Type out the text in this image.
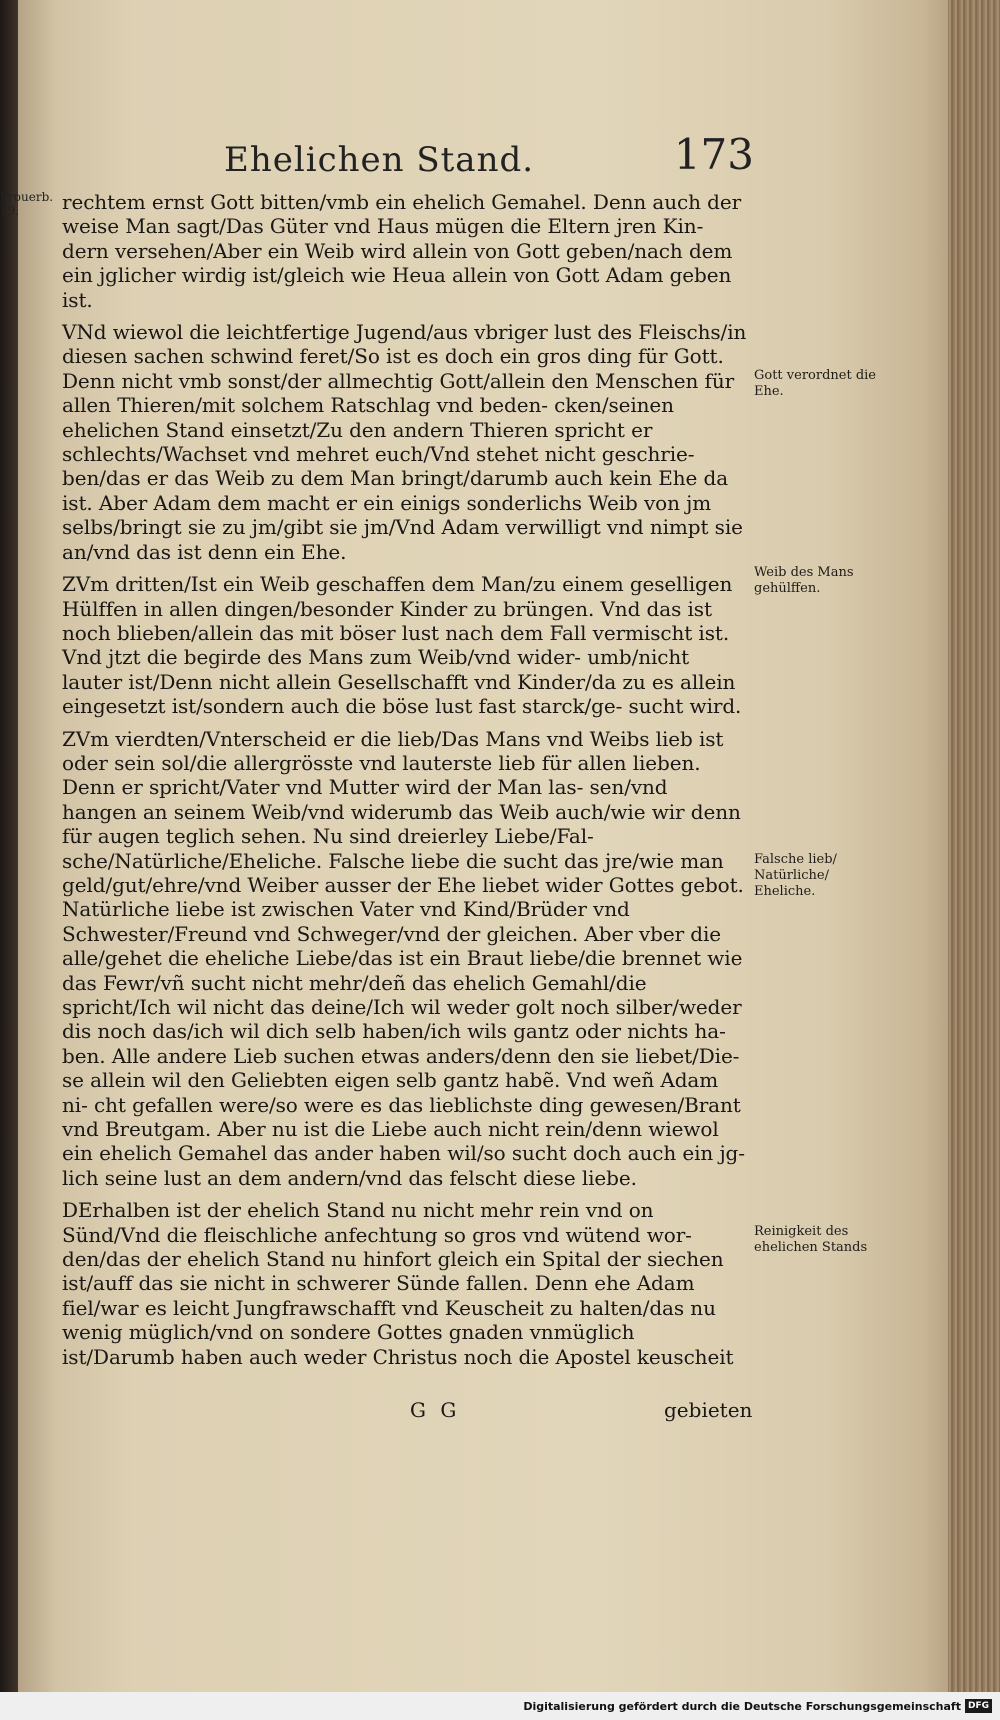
Ehelichen Stand.	173
Prouerb. 19.	rechtem ernst Gott bitten/vmb ein ehelich Gemahel. Denn auch der weise Man sagt/Das Güter vnd Haus mügen die Eltern jren Kin- dern versehen/Aber ein Weib wird allein von Gott geben/nach dem ein jglicher wirdig ist/gleich wie Heua allein von Gott Adam geben ist.

VNd wiewol die leichtfertige Jugend/aus vbriger lust des Fleischs/in diesen sachen schwind feret/So ist es doch ein gros ding für Gott. Denn nicht vmb sonst/der allmechtig Gott/allein den Menschen für allen Thieren/mit solchem Ratschlag vnd beden- cken/seinen ehelichen Stand einsetzt/Zu den andern Thieren spricht er schlechts/Wachset vnd mehret euch/Vnd stehet nicht geschrie- ben/das er das Weib zu dem Man bringt/darumb auch kein Ehe da ist. Aber Adam dem macht er ein einigs sonderlichs Weib von jm selbs/bringt sie zu jm/gibt sie jm/Vnd Adam verwilligt vnd nimpt sie an/vnd das ist denn ein Ehe.

ZVm dritten/Ist ein Weib geschaffen dem Man/zu einem geselligen Hülffen in allen dingen/besonder Kinder zu brüngen. Vnd das ist noch blieben/allein das mit böser lust nach dem Fall vermischt ist. Vnd jtzt die begirde des Mans zum Weib/vnd wider- umb/nicht lauter ist/Denn nicht allein Gesellschafft vnd Kinder/da zu es allein eingesetzt ist/sondern auch die böse lust fast starck/ge- sucht wird.

ZVm vierdten/Vnterscheid er die lieb/Das Mans vnd Weibs lieb ist oder sein sol/die allergrösste vnd lauterste lieb für allen lieben. Denn er spricht/Vater vnd Mutter wird der Man las- sen/vnd hangen an seinem Weib/vnd widerumb das Weib auch/wie wir denn für augen teglich sehen. Nu sind dreierley Liebe/Fal- sche/Natürliche/Eheliche. Falsche liebe die sucht das jre/wie man geld/gut/ehre/vnd Weiber ausser der Ehe liebet wider Gottes gebot. Natürliche liebe ist zwischen Vater vnd Kind/Brüder vnd Schwester/Freund vnd Schweger/vnd der gleichen. Aber vber die alle/gehet die eheliche Liebe/das ist ein Braut liebe/die brennet wie das Fewr/vñ sucht nicht mehr/deñ das ehelich Gemahl/die spricht/Ich wil nicht das deine/Ich wil weder golt noch silber/weder dis noch das/ich wil dich selb haben/ich wils gantz oder nichts ha- ben. Alle andere Lieb suchen etwas anders/denn den sie liebet/Die- se allein wil den Geliebten eigen selb gantz habẽ. Vnd weñ Adam ni- cht gefallen were/so were es das lieblichste ding gewesen/Brant vnd Breutgam. Aber nu ist die Liebe auch nicht rein/denn wiewol ein ehelich Gemahel das ander haben wil/so sucht doch auch ein jg- lich seine lust an dem andern/vnd das felscht diese liebe.

DErhalben ist der ehelich Stand nu nicht mehr rein vnd on Sünd/Vnd die fleischliche anfechtung so gros vnd wütend wor- den/das der ehelich Stand nu hinfort gleich ein Spital der siechen ist/auff das sie nicht in schwerer Sünde fallen. Denn ehe Adam fiel/war es leicht Jungfrawschafft vnd Keuscheit zu halten/das nu wenig müglich/vnd on sondere Gottes gnaden vnmüglich ist/Darumb haben auch weder Christus noch die Apostel keuscheit

Gott verordnet die Ehe.
Weib des Mans gehülffen.
Falsche lieb/ Natürliche/ Eheliche.
Reinigkeit des ehelichen Stands
G G	gebieten
Digitalisierung gefördert durch die Deutsche Forschungsgemeinschaft DFG
